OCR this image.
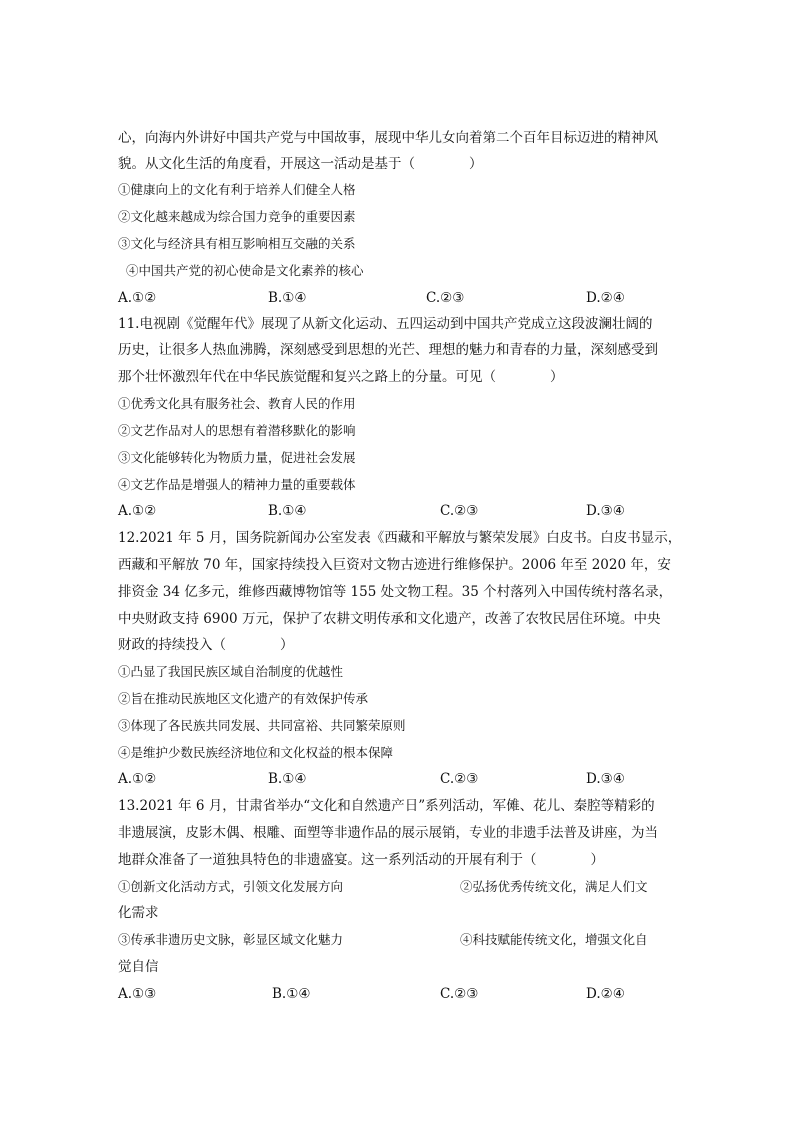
心，向海内外讲好中国共产党与中国故事，展现中华儿女向着第二个百年目标迈进的精神风
貌。从文化生活的角度看，开展这一活动是基于（　　　　）
①健康向上的文化有利于培养人们健全人格
②文化越来越成为综合国力竞争的重要因素
③文化与经济具有相互影响相互交融的关系
④中国共产党的初心使命是文化素养的核心
A.①②	B.①④	C.②③	D.②④
11.电视剧《觉醒年代》展现了从新文化运动、五四运动到中国共产党成立这段波澜壮阔的
历史，让很多人热血沸腾，深刻感受到思想的光芒、理想的魅力和青春的力量，深刻感受到
那个壮怀激烈年代在中华民族觉醒和复兴之路上的分量。可见（　　　　）
①优秀文化具有服务社会、教育人民的作用
②文艺作品对人的思想有着潜移默化的影响
③文化能够转化为物质力量，促进社会发展
④文艺作品是增强人的精神力量的重要载体
A.①②	B.①④	C.②③	D.③④
12.2021 年 5 月，国务院新闻办公室发表《西藏和平解放与繁荣发展》白皮书。白皮书显示，
西藏和平解放 70 年，国家持续投入巨资对文物古迹进行维修保护。2006 年至 2020 年，安
排资金 34 亿多元，维修西藏博物馆等 155 处文物工程。35 个村落列入中国传统村落名录，
中央财政支持 6900 万元，保护了农耕文明传承和文化遗产，改善了农牧民居住环境。中央
财政的持续投入（　　　　）
①凸显了我国民族区域自治制度的优越性
②旨在推动民族地区文化遗产的有效保护传承
③体现了各民族共同发展、共同富裕、共同繁荣原则
④是维护少数民族经济地位和文化权益的根本保障
A.①②	B.①④	C.②③	D.③④
13.2021 年 6 月，甘肃省举办“文化和自然遗产日”系列活动，军傩、花儿、秦腔等精彩的
非遗展演，皮影木偶、根雕、面塑等非遗作品的展示展销，专业的非遗手法普及讲座，为当
地群众准备了一道独具特色的非遗盛宴。这一系列活动的开展有利于（　　　　）
①创新文化活动方式，引领文化发展方向	②弘扬优秀传统文化，满足人们文
化需求
③传承非遗历史文脉，彰显区域文化魅力	④科技赋能传统文化，增强文化自
觉自信
A.①③	B.①④	C.②③	D.②④
